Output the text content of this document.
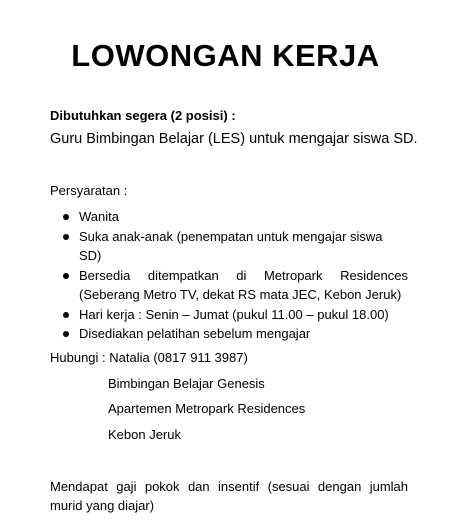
LOWONGAN KERJA
Dibutuhkan segera (2 posisi) :
Guru Bimbingan Belajar (LES) untuk mengajar siswa SD.
Persyaratan :
Wanita
Suka anak-anak (penempatan untuk mengajar siswa SD)
Bersedia ditempatkan di Metropark Residences
(Seberang Metro TV, dekat RS mata JEC, Kebon Jeruk)
Hari kerja : Senin – Jumat (pukul 11.00 – pukul 18.00)
Disediakan pelatihan sebelum mengajar
Hubungi : Natalia (0817 911 3987)
Bimbingan Belajar Genesis
Apartemen Metropark Residences
Kebon Jeruk
Mendapat gaji pokok dan insentif (sesuai dengan jumlah
murid yang diajar)
